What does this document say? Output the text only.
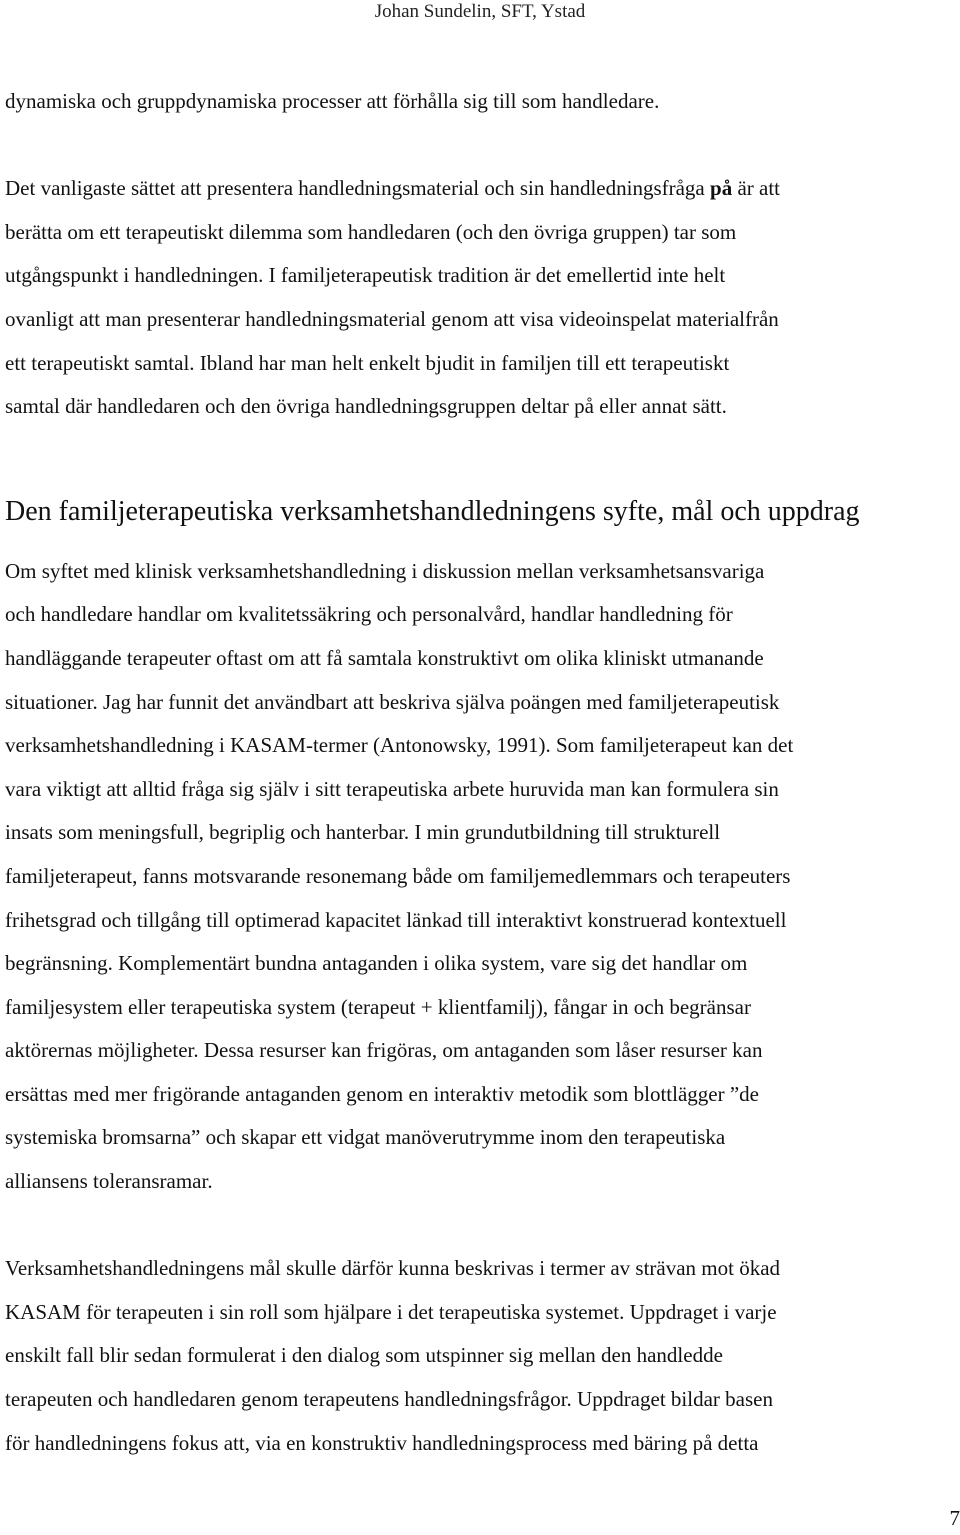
Johan Sundelin, SFT, Ystad

dynamiska och gruppdynamiska processer att förhålla sig till som handledare.

Det vanligaste sättet att presentera handledningsmaterial och sin handledningsfråga på är att
berätta om ett terapeutiskt dilemma som handledaren (och den övriga gruppen) tar som
utgångspunkt i handledningen. I familjeterapeutisk tradition är det emellertid inte helt
ovanligt att man presenterar handledningsmaterial genom att visa videoinspelat materialfrån
ett terapeutiskt samtal. Ibland har man helt enkelt bjudit in familjen till ett terapeutiskt
samtal där handledaren och den övriga handledningsgruppen deltar på eller annat sätt.

Den familjeterapeutiska verksamhetshandledningens syfte, mål och uppdrag

Om syftet med klinisk verksamhetshandledning i diskussion mellan verksamhetsansvariga
och handledare handlar om kvalitetssäkring och personalvård, handlar handledning för
handläggande terapeuter oftast om att få samtala konstruktivt om olika kliniskt utmanande
situationer. Jag har funnit det användbart att beskriva själva poängen med familjeterapeutisk
verksamhetshandledning i KASAM-termer (Antonowsky, 1991). Som familjeterapeut kan det
vara viktigt att alltid fråga sig själv i sitt terapeutiska arbete huruvida man kan formulera sin
insats som meningsfull, begriplig och hanterbar. I min grundutbildning till strukturell
familjeterapeut, fanns motsvarande resonemang både om familjemedlemmars och terapeuters
frihetsgrad och tillgång till optimerad kapacitet länkad till interaktivt konstruerad kontextuell
begränsning. Komplementärt bundna antaganden i olika system, vare sig det handlar om
familjesystem eller terapeutiska system (terapeut + klientfamilj), fångar in och begränsar
aktörernas möjligheter. Dessa resurser kan frigöras, om antaganden som låser resurser kan
ersättas med mer frigörande antaganden genom en interaktiv metodik som blottlägger ”de
systemiska bromsarna” och skapar ett vidgat manöverutrymme inom den terapeutiska
alliansens toleransramar.

Verksamhetshandledningens mål skulle därför kunna beskrivas i termer av strävan mot ökad
KASAM för terapeuten i sin roll som hjälpare i det terapeutiska systemet. Uppdraget i varje
enskilt fall blir sedan formulerat i den dialog som utspinner sig mellan den handledde
terapeuten och handledaren genom terapeutens handledningsfrågor. Uppdraget bildar basen
för handledningens fokus att, via en konstruktiv handledningsprocess med bäring på detta

7
